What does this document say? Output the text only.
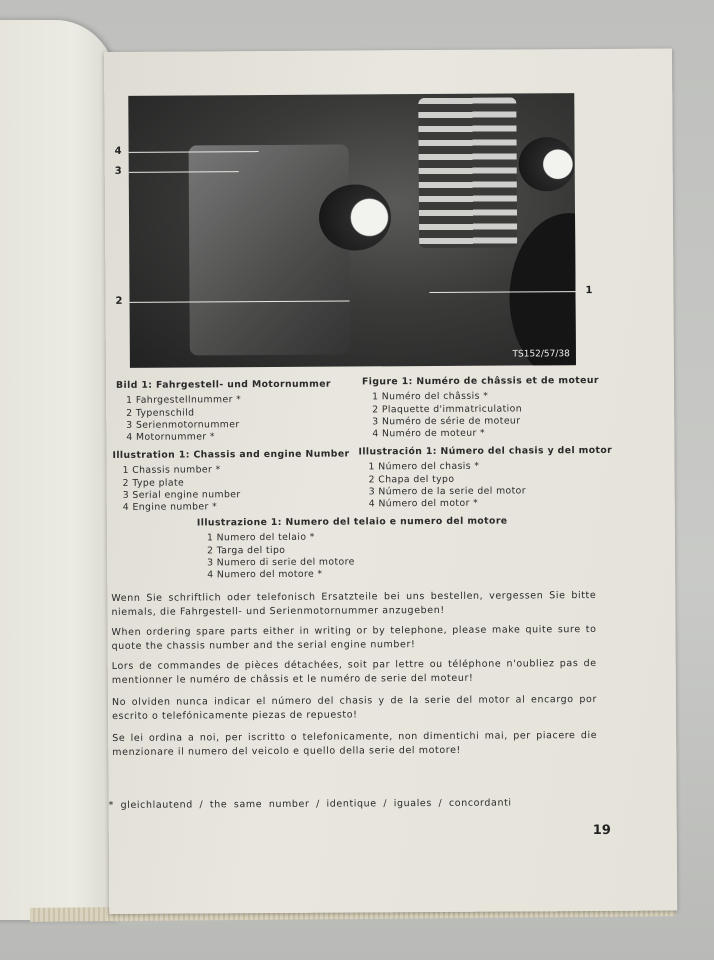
TS152/57/38
4
3
2
1
Bild 1: Fahrgestell- und Motornummer
1 Fahrgestellnummer *
2 Typenschild
3 Serienmotornummer
4 Motornummer *
Figure 1: Numéro de châssis et de moteur
1 Numéro del châssis *
2 Plaquette d'immatriculation
3 Numéro de série de moteur
4 Numéro de moteur *
Illustration 1: Chassis and engine Number
1 Chassis number *
2 Type plate
3 Serial engine number
4 Engine number *
Illustración 1: Número del chasis y del motor
1 Número del chasis *
2 Chapa del typo
3 Número de la serie del motor
4 Número del motor *
Illustrazione 1: Numero del telaio e numero del motore
1 Numero del telaio *
2 Targa del tipo
3 Numero di serie del motore
4 Numero del motore *

Wenn Sie schriftlich oder telefonisch Ersatzteile bei uns bestellen, vergessen Sie bitte niemals, die Fahrgestell- und Serienmotornummer anzugeben!

When ordering spare parts either in writing or by telephone, please make quite sure to quote the chassis number and the serial engine number!

Lors de commandes de pièces détachées, soit par lettre ou téléphone n'oubliez pas de mentionner le numéro de châssis et le numéro de serie del moteur!

No olviden nunca indicar el número del chasis y de la serie del motor al encargo por escrito o telefónicamente piezas de repuesto!

Se lei ordina a noi, per iscritto o telefonicamente, non dimentichi mai, per piacere die menzionare il numero del veicolo e quello della serie del motore!

* gleichlautend / the same number / identique / iguales / concordanti
19
